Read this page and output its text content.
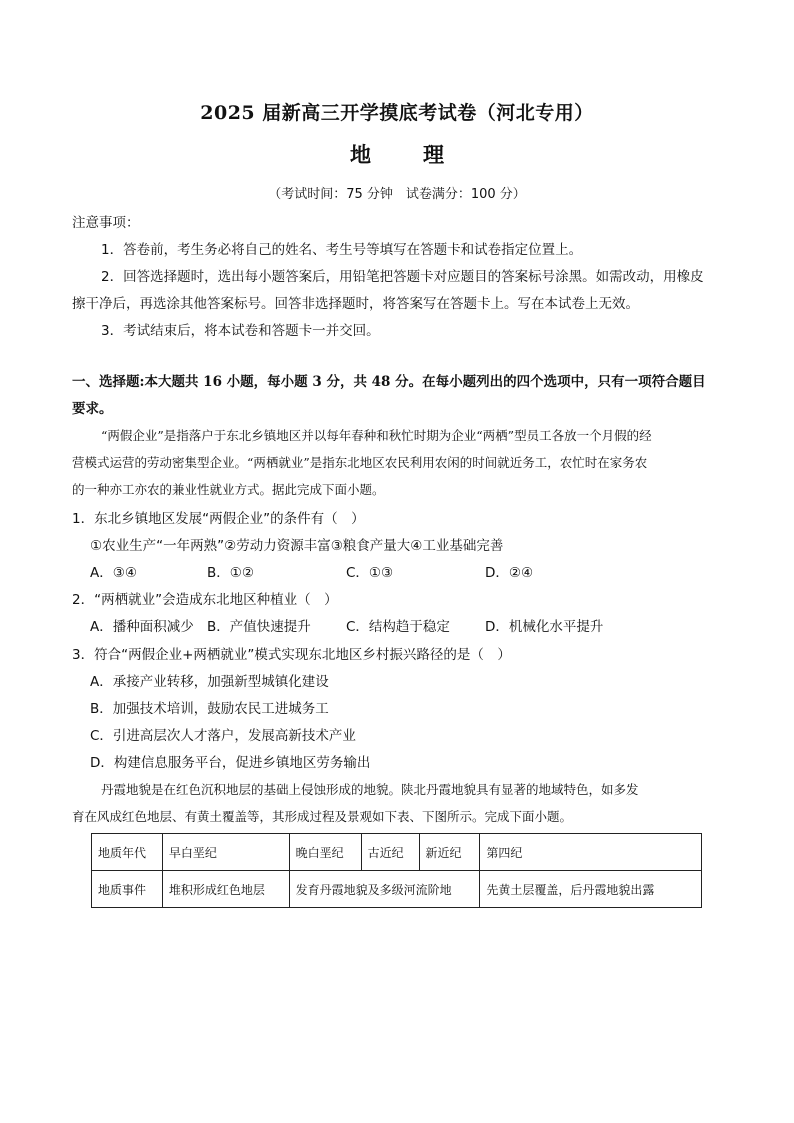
2025 届新高三开学摸底考试卷（河北专用）
地 理
（考试时间：75 分钟　试卷满分：100 分）
注意事项：
1．答卷前，考生务必将自己的姓名、考生号等填写在答题卡和试卷指定位置上。
2．回答选择题时，选出每小题答案后，用铅笔把答题卡对应题目的答案标号涂黑。如需改动，用橡皮
擦干净后，再选涂其他答案标号。回答非选择题时，将答案写在答题卡上。写在本试卷上无效。
3．考试结束后，将本试卷和答题卡一并交回。
一、选择题:本大题共 16 小题，每小题 3 分，共 48 分。在每小题列出的四个选项中，只有一项符合题目
要求。
“两假企业”是指落户于东北乡镇地区并以每年春种和秋忙时期为企业“两栖”型员工各放一个月假的经
营模式运营的劳动密集型企业。“两栖就业”是指东北地区农民利用农闲的时间就近务工，农忙时在家务农
的一种亦工亦农的兼业性就业方式。据此完成下面小题。
1．东北乡镇地区发展“两假企业”的条件有（　）
①农业生产“一年两熟”②劳动力资源丰富③粮食产量大④工业基础完善
A．③④	B．①②	C．①③	D．②④
2．“两栖就业”会造成东北地区种植业（　）
A．播种面积减少 B．产值快速提升	C．结构趋于稳定	D．机械化水平提升
3．符合“两假企业+两栖就业”模式实现东北地区乡村振兴路径的是（　）
A．承接产业转移，加强新型城镇化建设
B．加强技术培训，鼓励农民工进城务工
C．引进高层次人才落户，发展高新技术产业
D．构建信息服务平台，促进乡镇地区劳务输出
丹霞地貌是在红色沉积地层的基础上侵蚀形成的地貌。陕北丹霞地貌具有显著的地域特色，如多发
育在风成红色地层、有黄土覆盖等，其形成过程及景观如下表、下图所示。完成下面小题。
地质年代	早白垩纪	晚白垩纪	古近纪	新近纪	第四纪
地质事件	堆积形成红色地层	发育丹霞地貌及多级河流阶地			先黄土层覆盖，后丹霞地貌出露
